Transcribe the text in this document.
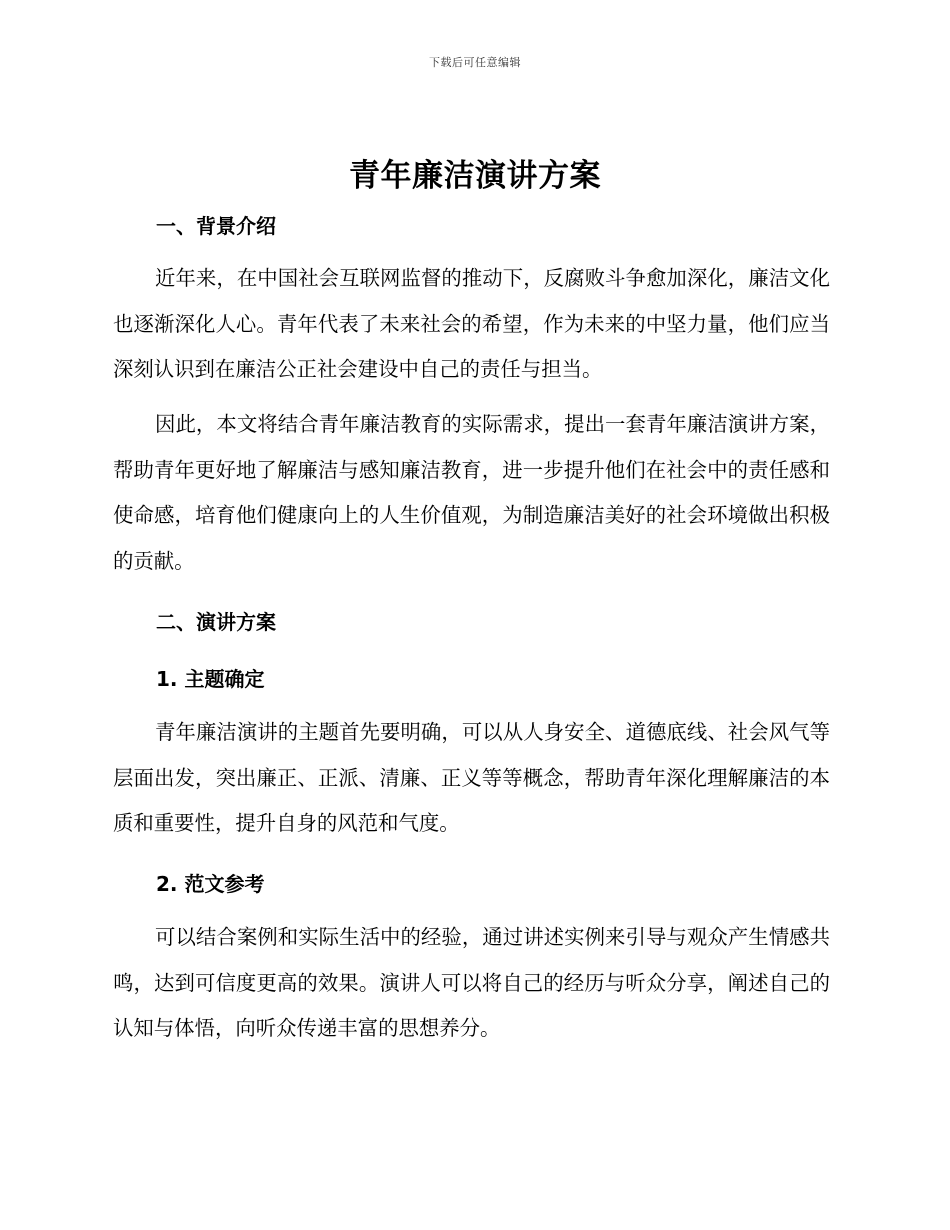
下载后可任意编辑
青年廉洁演讲方案
一、背景介绍

近年来，在中国社会互联网监督的推动下，反腐败斗争愈加深化，廉洁文化也逐渐深化人心。青年代表了未来社会的希望，作为未来的中坚力量，他们应当深刻认识到在廉洁公正社会建设中自己的责任与担当。

因此，本文将结合青年廉洁教育的实际需求，提出一套青年廉洁演讲方案，帮助青年更好地了解廉洁与感知廉洁教育，进一步提升他们在社会中的责任感和使命感，培育他们健康向上的人生价值观，为制造廉洁美好的社会环境做出积极的贡献。

二、演讲方案
1. 主题确定

青年廉洁演讲的主题首先要明确，可以从人身安全、道德底线、社会风气等层面出发，突出廉正、正派、清廉、正义等等概念，帮助青年深化理解廉洁的本质和重要性，提升自身的风范和气度。

2. 范文参考

可以结合案例和实际生活中的经验，通过讲述实例来引导与观众产生情感共鸣，达到可信度更高的效果。演讲人可以将自己的经历与听众分享，阐述自己的认知与体悟，向听众传递丰富的思想养分。
